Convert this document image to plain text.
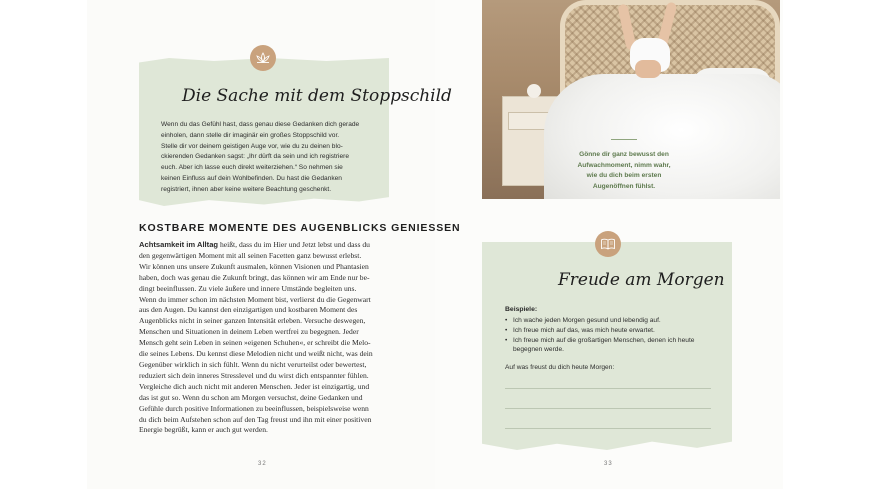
Die Sache mit dem Stoppschild
Wenn du das Gefühl hast, dass genau diese Gedanken dich gerade
einholen, dann stelle dir imaginär ein großes Stoppschild vor.
Stelle dir vor deinem geistigen Auge vor, wie du zu deinen blo-
ckierenden Gedanken sagst: „Ihr dürft da sein und ich registriere
euch. Aber ich lasse euch direkt weiterziehen.“ So nehmen sie
keinen Einfluss auf dein Wohlbefinden. Du hast die Gedanken
registriert, ihnen aber keine weitere Beachtung geschenkt.
KOSTBARE MOMENTE DES AUGENBLICKS GENIESSEN
Achtsamkeit im Alltag heißt, dass du im Hier und Jetzt lebst und dass du
den gegenwärtigen Moment mit all seinen Facetten ganz bewusst erlebst.
Wir können uns unsere Zukunft ausmalen, können Visionen und Phantasien
haben, doch was genau die Zukunft bringt, das können wir am Ende nur be-
dingt beeinflussen. Zu viele äußere und innere Umstände begleiten uns.
Wenn du immer schon im nächsten Moment bist, verlierst du die Gegenwart
aus den Augen. Du kannst den einzigartigen und kostbaren Moment des
Augenblicks nicht in seiner ganzen Intensität erleben. Versuche deswegen,
Menschen und Situationen in deinem Leben wertfrei zu begegnen. Jeder
Mensch geht sein Leben in seinen »eigenen Schuhen«, er schreibt die Melo-
die seines Lebens. Du kennst diese Melodien nicht und weißt nicht, was dein
Gegenüber wirklich in sich fühlt. Wenn du nicht verurteilst oder bewertest,
reduziert sich dein inneres Stresslevel und du wirst dich entspannter fühlen.
Vergleiche dich auch nicht mit anderen Menschen. Jeder ist einzigartig, und
das ist gut so. Wenn du schon am Morgen versuchst, deine Gedanken und
Gefühle durch positive Informationen zu beeinflussen, beispielsweise wenn
du dich beim Aufstehen schon auf den Tag freust und ihn mit einer positiven
Energie begrüßt, kann er auch gut werden.
32
Gönne dir ganz bewusst den
Aufwachmoment, nimm wahr,
wie du dich beim ersten
Augenöffnen fühlst.
Freude am Morgen
Beispiele:
• Ich wache jeden Morgen gesund und lebendig auf.
• Ich freue mich auf das, was mich heute erwartet.
• Ich freue mich auf die großartigen Menschen, denen ich heute
begegnen werde.
Auf was freust du dich heute Morgen:
33
